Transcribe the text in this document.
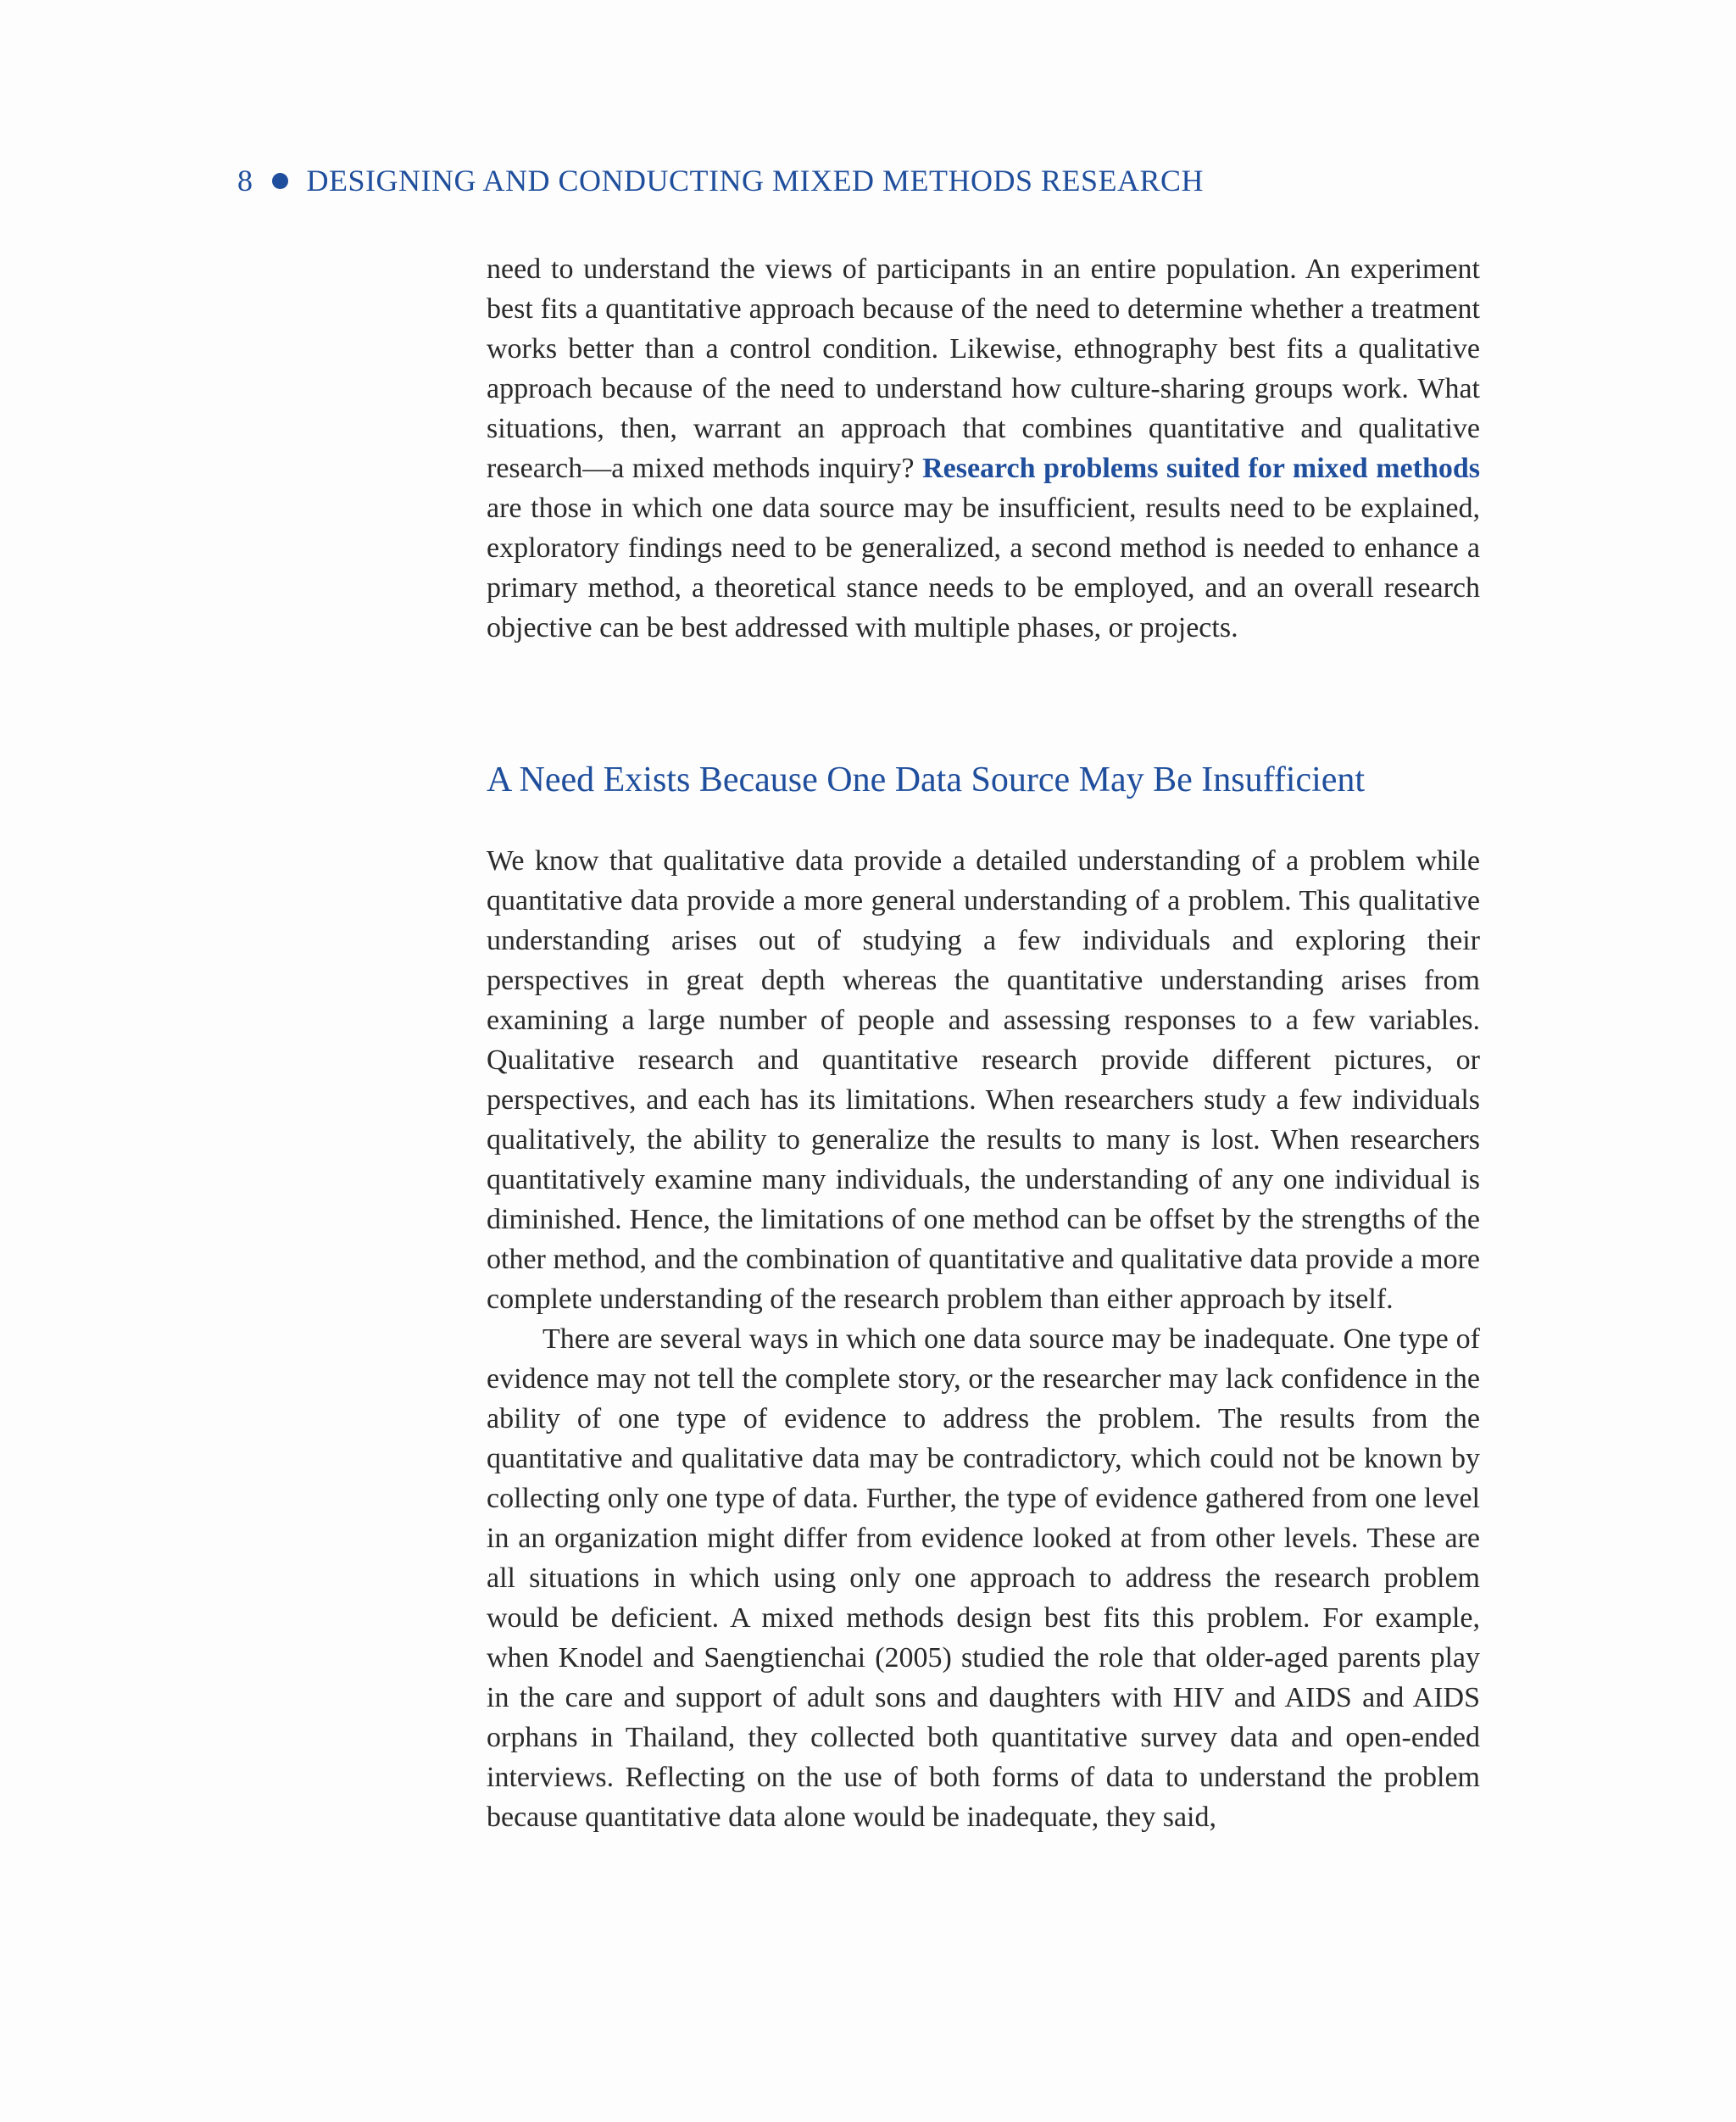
8 DESIGNING AND CONDUCTING MIXED METHODS RESEARCH
need to understand the views of participants in an entire population. An experiment best fits a quantitative approach because of the need to determine whether a treatment works better than a control condition. Likewise, ethnography best fits a qualitative approach because of the need to understand how culture-sharing groups work. What situations, then, warrant an approach that combines quantitative and qualitative research—a mixed methods inquiry? Research problems suited for mixed methods are those in which one data source may be insufficient, results need to be explained, exploratory findings need to be generalized, a second method is needed to enhance a primary method, a theoretical stance needs to be employed, and an overall research objective can be best addressed with multiple phases, or projects.
A Need Exists Because One Data Source May Be Insufficient

We know that qualitative data provide a detailed understanding of a problem while quantitative data provide a more general understanding of a problem. This qualitative understanding arises out of studying a few individuals and exploring their perspectives in great depth whereas the quantitative understanding arises from examining a large number of people and assessing responses to a few variables. Qualitative research and quantitative research provide different pictures, or perspectives, and each has its limitations. When researchers study a few individuals qualitatively, the ability to generalize the results to many is lost. When researchers quantitatively examine many individuals, the understanding of any one individual is diminished. Hence, the limitations of one method can be offset by the strengths of the other method, and the combination of quantitative and qualitative data provide a more complete understanding of the research problem than either approach by itself.

There are several ways in which one data source may be inadequate. One type of evidence may not tell the complete story, or the researcher may lack confidence in the ability of one type of evidence to address the problem. The results from the quantitative and qualitative data may be contradictory, which could not be known by collecting only one type of data. Further, the type of evidence gathered from one level in an organization might differ from evidence looked at from other levels. These are all situations in which using only one approach to address the research problem would be deficient. A mixed methods design best fits this problem. For example, when Knodel and Saengtienchai (2005) studied the role that older-aged parents play in the care and support of adult sons and daughters with HIV and AIDS and AIDS orphans in Thailand, they collected both quantitative survey data and open-ended interviews. Reflecting on the use of both forms of data to understand the problem because quantitative data alone would be inadequate, they said,
